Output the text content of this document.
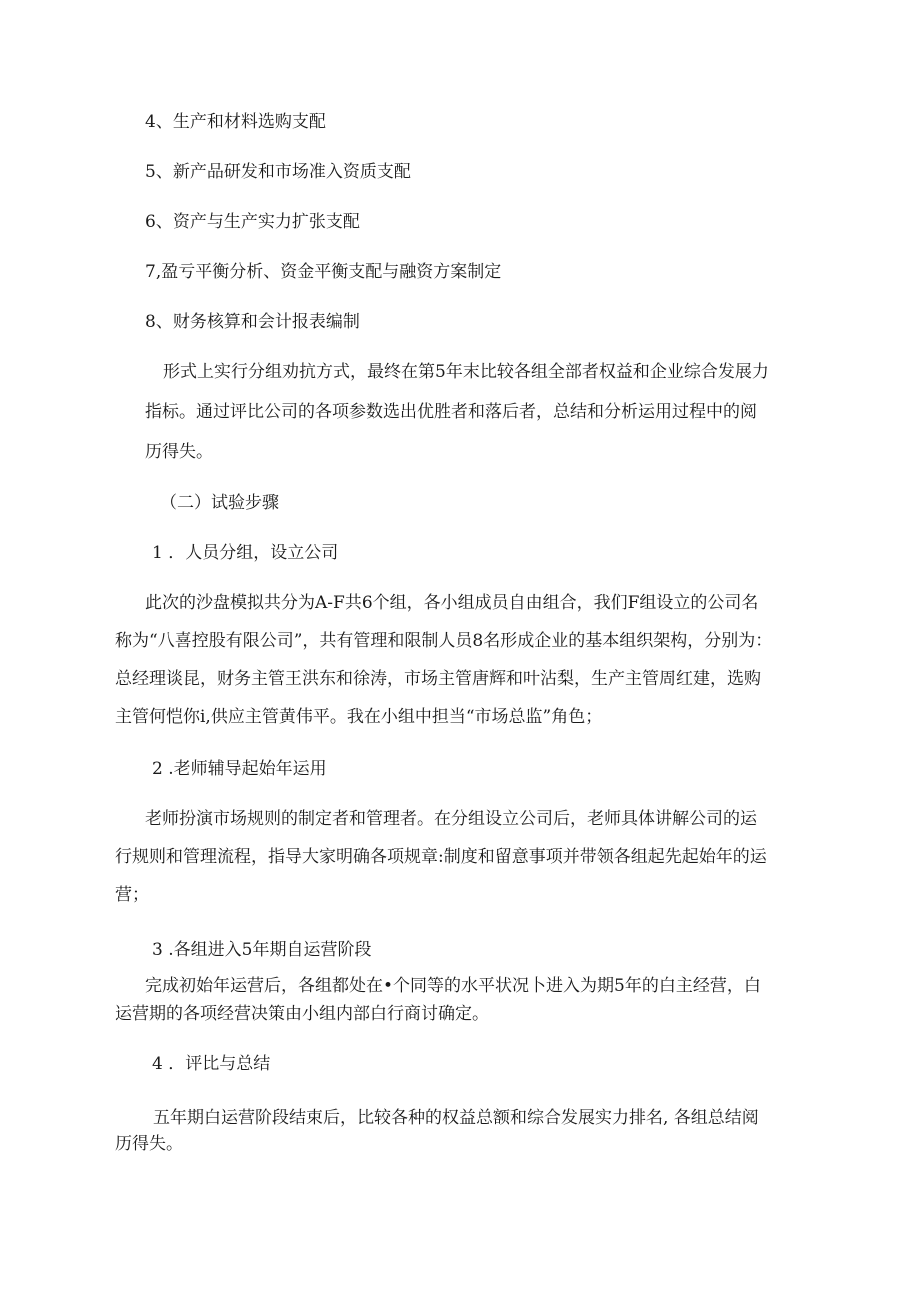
4、生产和材料选购支配

5、新产品研发和市场准入资质支配

6、资产与生产实力扩张支配

7,盈亏平衡分析、资金平衡支配与融资方案制定

8、财务核算和会计报表编制

形式上实行分组劝抗方式，最终在第5年末比较各组全部者权益和企业综合发展力

指标。通过评比公司的各项参数选出优胜者和落后者，总结和分析运用过程中的阅

历得失。

（二）试验步骤

1 ．人员分组，设立公司

此次的沙盘模拟共分为A-F共6个组，各小组成员自由组合，我们F组设立的公司名

称为“八喜控股有限公司”，共有管理和限制人员8名形成企业的基本组织架构，分别为：

总经理谈昆，财务主管王洪东和徐涛，市场主管唐辉和叶沾梨，生产主管周红建，选购

主管何恺你i,供应主管黄伟平。我在小组中担当“市场总监”角色；

2 .老师辅导起始年运用

老师扮演市场规则的制定者和管理者。在分组设立公司后，老师具体讲解公司的运

行规则和管理流程，指导大家明确各项规章:制度和留意事项并带领各组起先起始年的运

营；

3 .各组进入5年期自运营阶段

完成初始年运营后，各组都处在•个同等的水平状况卜进入为期5年的白主经营，白

运营期的各项经营决策由小组内部白行商讨确定。

4 ．评比与总结

五年期白运营阶段结束后，比较各种的权益总额和综合发展实力排名, 各组总结阅

历得失。
